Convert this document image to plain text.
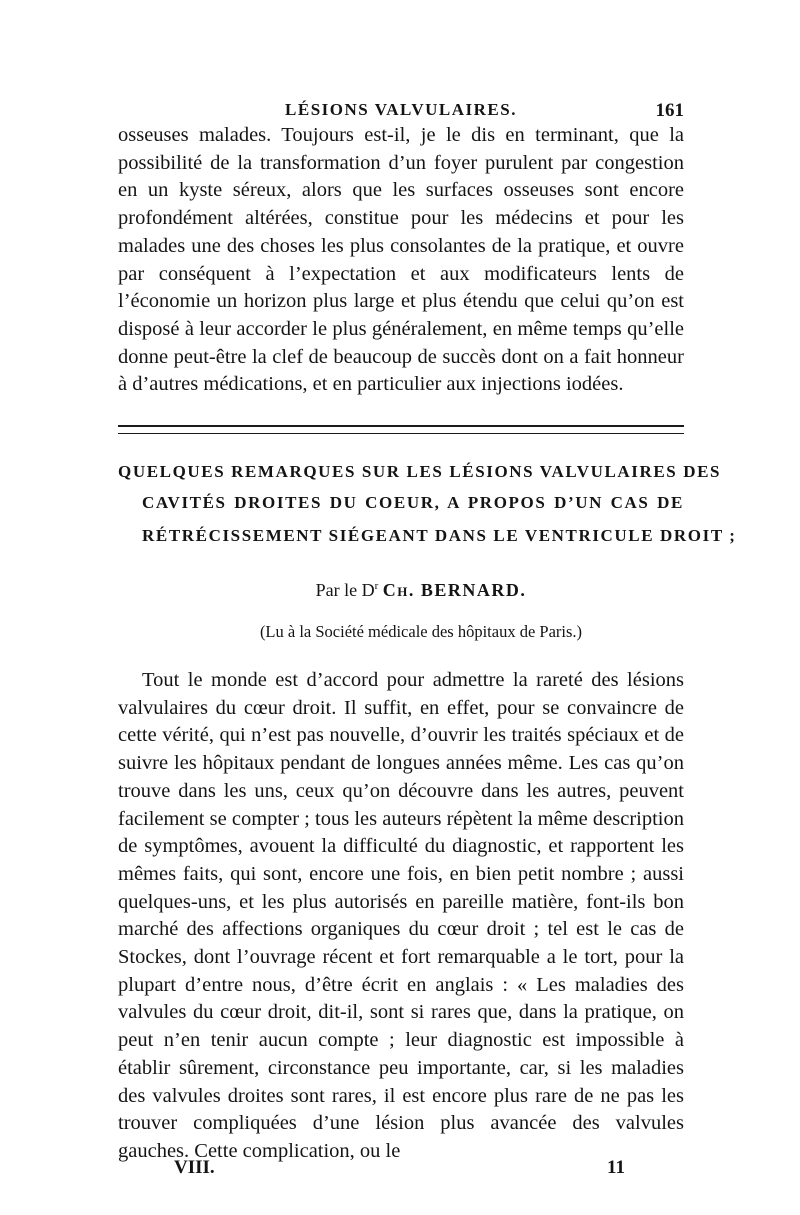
LÉSIONS VALVULAIRES.	161

osseuses malades. Toujours est-il, je le dis en terminant, que la possibilité de la transformation d’un foyer purulent par congestion en un kyste séreux, alors que les surfaces osseuses sont encore profondément altérées, constitue pour les médecins et pour les malades une des choses les plus consolantes de la pratique, et ouvre par conséquent à l’expectation et aux modificateurs lents de l’économie un horizon plus large et plus étendu que celui qu’on est disposé à leur accorder le plus généralement, en même temps qu’elle donne peut-être la clef de beaucoup de succès dont on a fait honneur à d’autres médications, et en particulier aux injections iodées.

QUELQUES REMARQUES SUR LES LÉSIONS VALVULAIRES DES
CAVITÉS DROITES DU COEUR, A PROPOS D’UN CAS DE
RÉTRÉCISSEMENT SIÉGEANT DANS LE VENTRICULE DROIT ;
Par le $D^r$ Ch. BERNARD.
(Lu à la Société médicale des hôpitaux de Paris.)

Tout le monde est d’accord pour admettre la rareté des lésions valvulaires du cœur droit. Il suffit, en effet, pour se convaincre de cette vérité, qui n’est pas nouvelle, d’ouvrir les traités spéciaux et de suivre les hôpitaux pendant de longues années même. Les cas qu’on trouve dans les uns, ceux qu’on découvre dans les autres, peuvent facilement se compter ; tous les auteurs répètent la même description de symptômes, avouent la difficulté du diagnostic, et rapportent les mêmes faits, qui sont, encore une fois, en bien petit nombre ; aussi quelques-uns, et les plus autorisés en pareille matière, font-ils bon marché des affections organiques du cœur droit ; tel est le cas de Stockes, dont l’ouvrage récent et fort remarquable a le tort, pour la plupart d’entre nous, d’être écrit en anglais : « Les maladies des valvules du cœur droit, dit-il, sont si rares que, dans la pratique, on peut n’en tenir aucun compte ; leur diagnostic est impossible à établir sûrement, circonstance peu importante, car, si les maladies des valvules droites sont rares, il est encore plus rare de ne pas les trouver compliquées d’une lésion plus avancée des valvules gauches. Cette complication, ou le

VIII.	11
